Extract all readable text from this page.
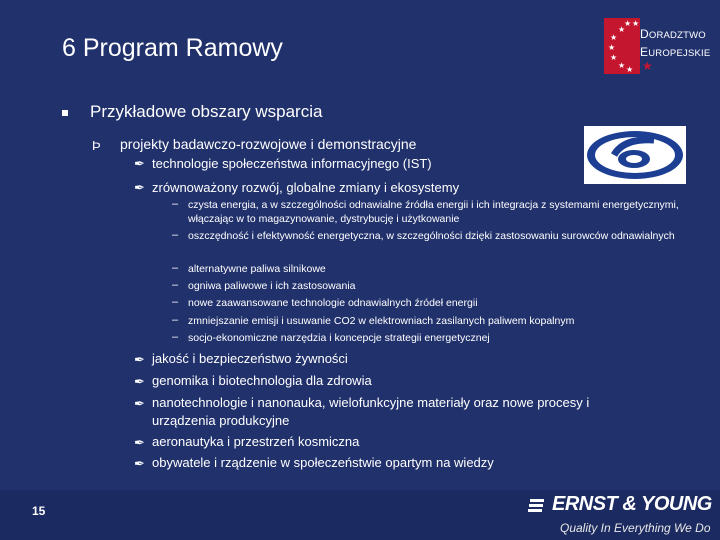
6 Program Ramowy
★ ★
★
★
★
★
★ ★
DORADZTWO
EUROPEJSKIE
★
Przykładowe obszary wsparcia
Þ projekty badawczo-rozwojowe i demonstracyjne
✒ technologie społeczeństwa informacyjnego (IST)
✒ zrównoważony rozwój, globalne zmiany i ekosystemy
– czysta energia, a w szczególności odnawialne źródła energii i ich integracja z systemami energetycznymi, włączając w to magazynowanie, dystrybucję i użytkowanie
– oszczędność i efektywność energetyczna, w szczególności dzięki zastosowaniu surowców odnawialnych
– alternatywne paliwa silnikowe
– ogniwa paliwowe i ich zastosowania
– nowe zaawansowane technologie odnawialnych źródeł energii
– zmniejszanie emisji i usuwanie CO2 w elektrowniach zasilanych paliwem kopalnym
– socjo-ekonomiczne narzędzia i koncepcje strategii energetycznej
✒ jakość i bezpieczeństwo żywności
✒ genomika i biotechnologia dla zdrowia
✒ nanotechnologie i nanonauka, wielofunkcyjne materiały oraz nowe procesy i urządzenia produkcyjne
✒ aeronautyka i przestrzeń kosmiczna
✒ obywatele i rządzenie w społeczeństwie opartym na wiedzy
15	ERNST & YOUNG
Quality In Everything We Do
